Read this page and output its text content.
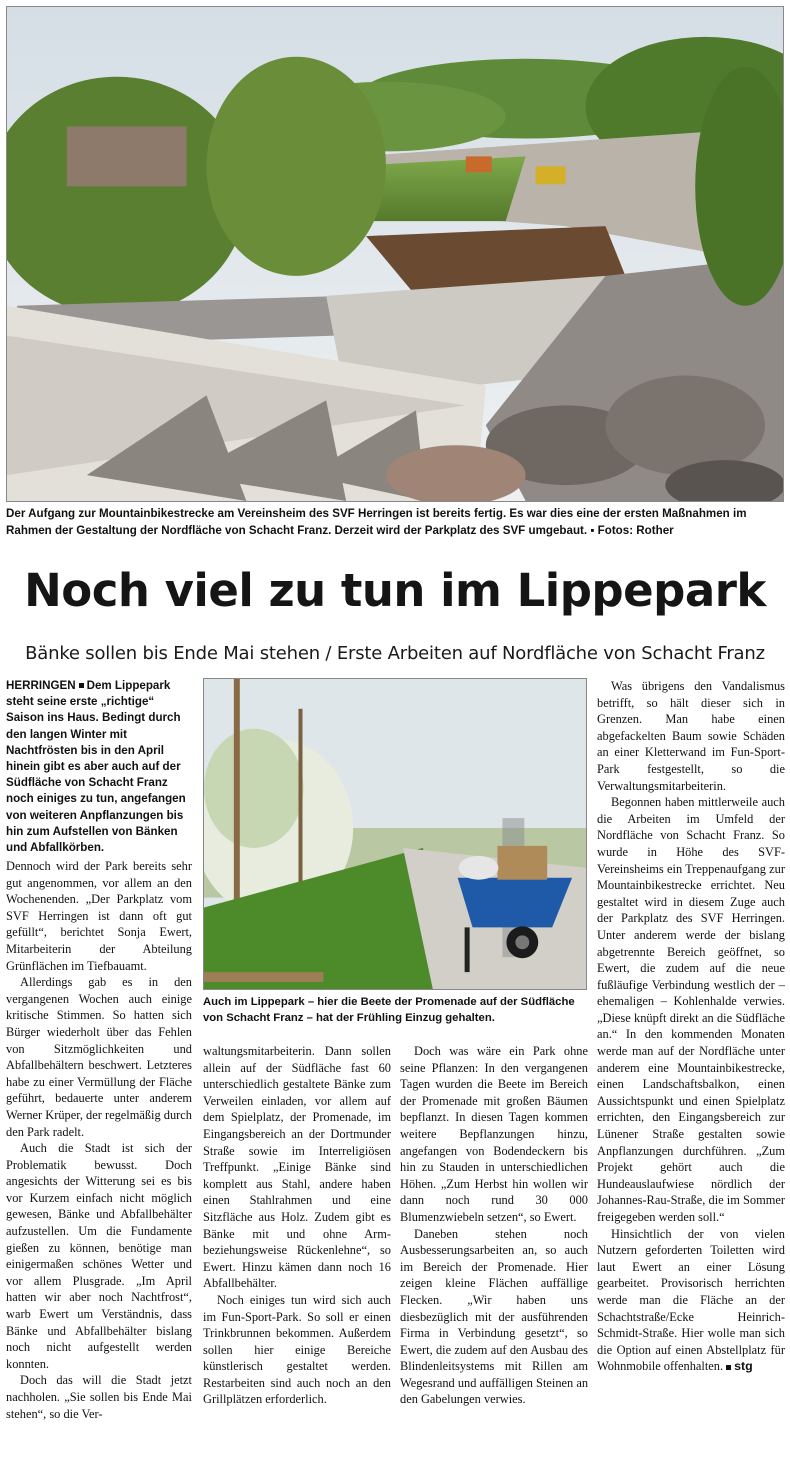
Der Aufgang zur Mountainbikestrecke am Vereinsheim des SVF Herringen ist bereits fertig. Es war dies eine der ersten Maßnahmen im Rahmen der Gestaltung der Nordfläche von Schacht Franz. Derzeit wird der Parkplatz des SVF umgebaut. ▪ Fotos: Rother
Noch viel zu tun im Lippepark
Bänke sollen bis Ende Mai stehen / Erste Arbeiten auf Nordfläche von Schacht Franz
HERRINGEN Dem Lippepark steht seine erste „richtige“ Saison ins Haus. Bedingt durch den langen Winter mit Nachtfrösten bis in den April hinein gibt es aber auch auf der Südfläche von Schacht Franz noch einiges zu tun, angefangen von weiteren Anpflanzungen bis hin zum Aufstellen von Bänken und Abfallkörben.
Auch im Lippepark – hier die Beete der Promenade auf der Südfläche von Schacht Franz – hat der Frühling Einzug gehalten.

Dennoch wird der Park bereits sehr gut angenommen, vor allem an den Wochenenden. „Der Parkplatz vom SVF Herringen ist dann oft gut gefüllt“, berichtet Sonja Ewert, Mitarbeiterin der Abteilung Grünflächen im Tiefbauamt.

Allerdings gab es in den vergangenen Wochen auch einige kritische Stimmen. So hatten sich Bürger wiederholt über das Fehlen von Sitzmöglichkeiten und Abfallbehältern beschwert. Letzteres habe zu einer Vermüllung der Fläche geführt, bedauerte unter anderem Werner Krüper, der regelmäßig durch den Park radelt.

Auch die Stadt ist sich der Problematik bewusst. Doch angesichts der Witterung sei es bis vor Kurzem einfach nicht möglich gewesen, Bänke und Abfallbehälter aufzustellen. Um die Fundamente gießen zu können, benötige man einigermaßen schönes Wetter und vor allem Plusgrade. „Im April hatten wir aber noch Nachtfrost“, warb Ewert um Verständnis, dass Bänke und Abfallbehälter bislang noch nicht aufgestellt werden konnten.

Doch das will die Stadt jetzt nachholen. „Sie sollen bis Ende Mai stehen“, so die Ver-

waltungsmitarbeiterin. Dann sollen allein auf der Südfläche fast 60 unterschiedlich gestaltete Bänke zum Verweilen einladen, vor allem auf dem Spielplatz, der Promenade, im Eingangsbereich an der Dortmunder Straße sowie im Interreligiösen Treffpunkt. „Einige Bänke sind komplett aus Stahl, andere haben einen Stahlrahmen und eine Sitzfläche aus Holz. Zudem gibt es Bänke mit und ohne Arm- beziehungsweise Rückenlehne“, so Ewert. Hinzu kämen dann noch 16 Abfallbehälter.

Noch einiges tun wird sich auch im Fun-Sport-Park. So soll er einen Trinkbrunnen bekommen. Außerdem sollen hier einige Bereiche künstlerisch gestaltet werden. Restarbeiten sind auch noch an den Grillplätzen erforderlich.

Doch was wäre ein Park ohne seine Pflanzen: In den vergangenen Tagen wurden die Beete im Bereich der Promenade mit großen Bäumen bepflanzt. In diesen Tagen kommen weitere Bepflanzungen hinzu, angefangen von Bodendeckern bis hin zu Stauden in unterschiedlichen Höhen. „Zum Herbst hin wollen wir dann noch rund 30 000 Blumenzwiebeln setzen“, so Ewert.

Daneben stehen noch Ausbesserungsarbeiten an, so auch im Bereich der Promenade. Hier zeigen kleine Flächen auffällige Flecken. „Wir haben uns diesbezüglich mit der ausführenden Firma in Verbindung gesetzt“, so Ewert, die zudem auf den Ausbau des Blindenleitsystems mit Rillen am Wegesrand und auffälligen Steinen an den Gabelungen verwies.

Was übrigens den Vandalismus betrifft, so hält dieser sich in Grenzen. Man habe einen abgefackelten Baum sowie Schäden an einer Kletterwand im Fun-Sport-Park festgestellt, so die Verwaltungsmitarbeiterin.

Begonnen haben mittlerweile auch die Arbeiten im Umfeld der Nordfläche von Schacht Franz. So wurde in Höhe des SVF-Vereinsheims ein Treppenaufgang zur Mountainbikestrecke errichtet. Neu gestaltet wird in diesem Zuge auch der Parkplatz des SVF Herringen. Unter anderem werde der bislang abgetrennte Bereich geöffnet, so Ewert, die zudem auf die neue fußläufige Verbindung westlich der – ehemaligen – Kohlenhalde verwies. „Diese knüpft direkt an die Südfläche an.“ In den kommenden Monaten werde man auf der Nordfläche unter anderem eine Mountainbikestrecke, einen Landschaftsbalkon, einen Aussichtspunkt und einen Spielplatz errichten, den Eingangsbereich zur Lünener Straße gestalten sowie Anpflanzungen durchführen. „Zum Projekt gehört auch die Hundeauslaufwiese nördlich der Johannes-Rau-Straße, die im Sommer freigegeben werden soll.“

Hinsichtlich der von vielen Nutzern geforderten Toiletten wird laut Ewert an einer Lösung gearbeitet. Provisorisch herrichten werde man die Fläche an der Schachtstraße/Ecke Heinrich-Schmidt-Straße. Hier wolle man sich die Option auf einen Abstellplatz für Wohnmobile offenhalten. stg
